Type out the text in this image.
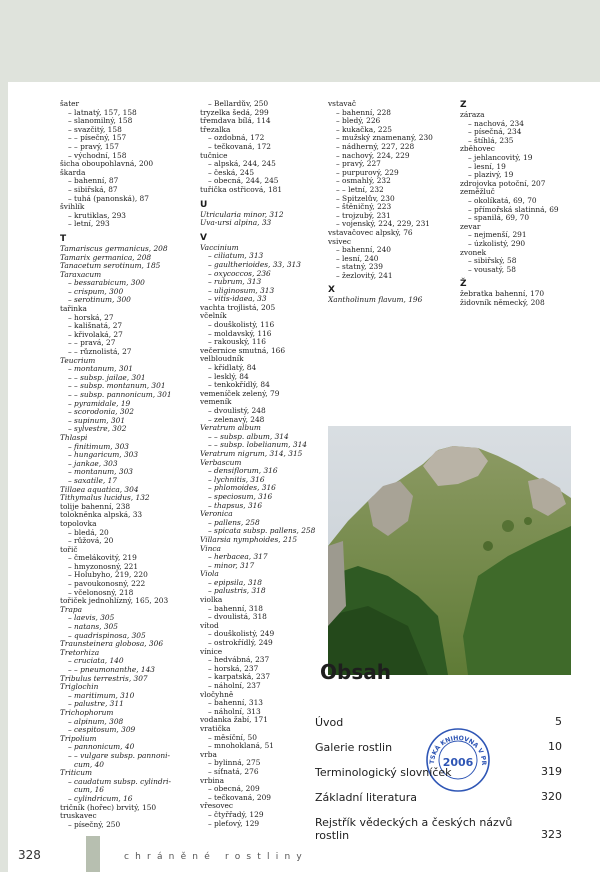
šater
– latnatý, 157, 158
– slanomilný, 158
– svazčitý, 158
– – písečný, 157
– – pravý, 157
– východní, 158
šicha oboupohlavná, 200
škarda
– bahenní, 87
– sibiřská, 87
– tuhá (panonská), 87
švihlík
– krutiklas, 293
– letní, 293
T
Tamariscus germanicus, 208
Tamarix germanica, 208
Tanacetum serotinum, 185
Taraxacum
– bessarabicum, 300
– crispum, 300
– serotinum, 300
tařinka
– horská, 27
– kališnatá, 27
– křivolaká, 27
– – pravá, 27
– – různolistá, 27
Teucrium
– montanum, 301
– – subsp. jailae, 301
– – subsp. montanum, 301
– – subsp. pannonicum, 301
– pyramidale, 19
– scorodonia, 302
– supinum, 301
– sylvestre, 302
Thlaspi
– finitimum, 303
– hungaricum, 303
– jankae, 303
– montanum, 303
– saxatile, 17
Tillaea aquatica, 304
Tithymalus lucidus, 132
tolije bahenní, 238
tolokněnka alpská, 33
topolovka
– bledá, 20
– růžová, 20
tořič
– čmelákovitý, 219
– hmyzonosný, 221
– Holubyho, 219, 220
– pavoukonosný, 222
– včelonosný, 218
tořiček jednohlízný, 165, 203
Trapa
– laevis, 305
– natans, 305
– quadrispinosa, 305
Traunsteinera globosa, 306
Tretorhiza
– cruciata, 140
– – pneumonanthe, 143
Tribulus terrestris, 307
Triglochin
– maritimum, 310
– palustre, 311
Trichophorum
– alpinum, 308
– cespitosum, 309
Tripolium
– pannonicum, 40
– – vulgare subsp. pannoni-
cum, 40
Triticum
– caudatum subsp. cylindri-
cum, 16
– cylindricum, 16
tričník (hořec) brvitý, 150
truskavec
– písečný, 250
– Bellardův, 250
tryzelka šedá, 299
třemdava bílá, 114
třezalka
– ozdobná, 172
– tečkovaná, 172
tučnice
– alpská, 244, 245
– česká, 245
– obecná, 244, 245
tuřička ostřicová, 181
U
Utricularia minor, 312
Uva-ursi alpina, 33
V
Vaccinium
– ciliatum, 313
– gaultherioides, 33, 313
– oxycoccos, 236
– rubrum, 313
– uliginosum, 313
– vitis-idaea, 33
vachta trojlistá, 205
včelník
– douškolistý, 116
– moldavský, 116
– rakouský, 116
večernice smutná, 166
velbloudník
– křídlatý, 84
– lesklý, 84
– tenkokřídlý, 84
vemeníček zelený, 79
vemeník
– dvoulistý, 248
– zelenavý, 248
Veratrum album
– – subsp. album, 314
– – subsp. lobelianum, 314
Veratrum nigrum, 314, 315
Verbascum
– densiflorum, 316
– lychnitis, 316
– phlomoides, 316
– speciosum, 316
– thapsus, 316
Veronica
– pallens, 258
– spicata subsp. pallens, 258
Villarsia nymphoides, 215
Vinca
– herbacea, 317
– minor, 317
Viola
– epipsila, 318
– palustris, 318
violka
– bahenní, 318
– dvoulistá, 318
vítod
– douškolistý, 249
– ostrokřídlý, 249
vínice
– hedvábná, 237
– horská, 237
– karpatská, 237
– náholní, 237
vločyhně
– bahenní, 313
– náholní, 313
vodanka žabí, 171
vratička
– měsíční, 50
– mnohoklaná, 51
vrba
– bylinná, 275
– síťnatá, 276
vrbina
– obecná, 209
– tečkovaná, 209
vřesovec
– čtyřřadý, 129
– pleťový, 129
vstavač
– bahenní, 228
– bledý, 226
– kukačka, 225
– mužský znamenaný, 230
– nádherný, 227, 228
– nachový, 224, 229
– pravý, 227
– purpurový, 229
– osmahlý, 232
– – letní, 232
– Spitzelův, 230
– štěničný, 223
– trojzubý, 231
– vojenský, 224, 229, 231
vstavačovec alpský, 76
vsivec
– bahenní, 240
– lesní, 240
– statný, 239
– žezlovitý, 241
X
Xantholinum flavum, 196
Z
záraza
– nachová, 234
– písečná, 234
– štíhlá, 235
zběhovec
– jehlancovitý, 19
– lesní, 19
– plazivý, 19
zdrojovka potoční, 207
zeměžluč
– okolíkatá, 69, 70
– přímořská slatinná, 69
– spanilá, 69, 70
zevar
– nejmenší, 291
– úzkolistý, 290
zvonek
– sibiřský, 58
– vousatý, 58
Ž
žebratka bahenní, 170
židovník německý, 208
TSKÁ KNIHOVNA V PR
2006
Obsah
Úvod	5
Galerie rostlin	10
Terminologický slovníček	319
Základní literatura	320
Rejstřík vědeckých a českých názvů rostlin	323
328	chráněné rostliny
